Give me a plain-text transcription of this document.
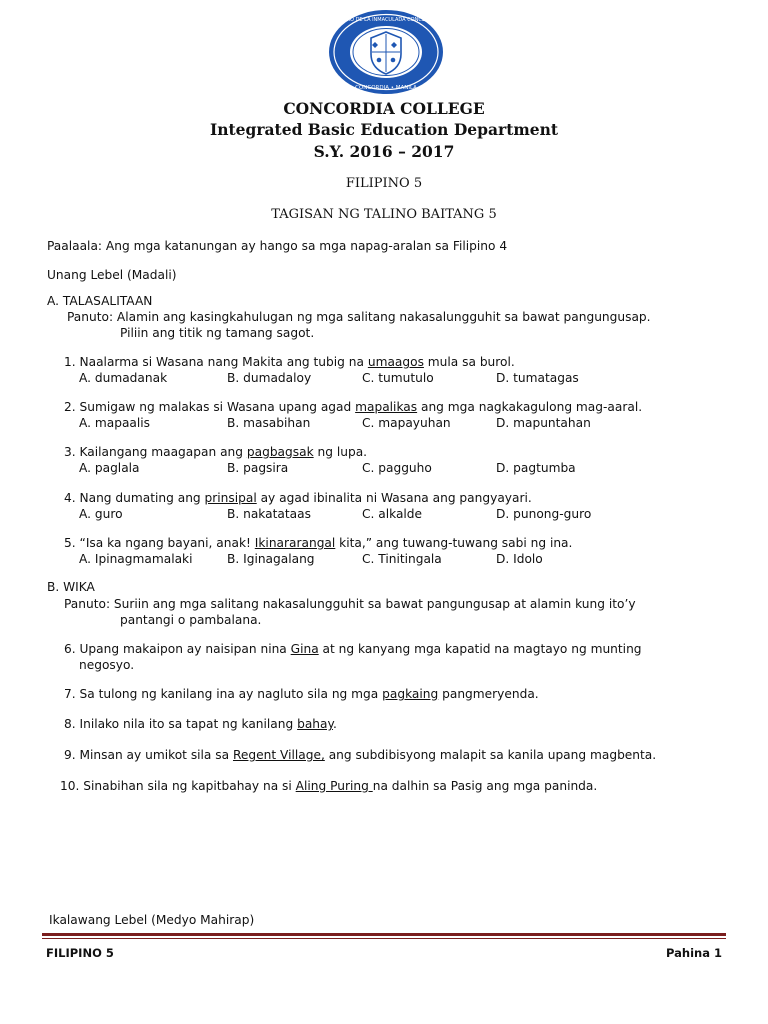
COLEGIO DE LA INMACULADA CONCEPCION
CONCORDIA • MANILA
CONCORDIA COLLEGE
Integrated Basic Education Department
S.Y. 2016 – 2017
FILIPINO 5
TAGISAN NG TALINO BAITANG 5
Paalaala: Ang mga katanungan ay hango sa mga napag-aralan sa Filipino 4
Unang Lebel (Madali)
A. TALASALITAAN
Panuto: Alamin ang kasingkahulugan ng mga salitang nakasalungguhit sa bawat pangungusap.
Piliin ang titik ng tamang sagot.
1. Naalarma si Wasana nang Makita ang tubig na umaagos mula sa burol.
A. dumadanak	B. dumadaloy	C. tumutulo	D. tumatagas
2. Sumigaw ng malakas si Wasana upang agad mapalikas ang mga nagkakagulong mag-aaral.
A. mapaalis	B. masabihan	C. mapayuhan	D. mapuntahan
3. Kailangang maagapan ang pagbagsak ng lupa.
A. paglala	B. pagsira	C. pagguho	D. pagtumba
4. Nang dumating ang prinsipal ay agad ibinalita ni Wasana ang pangyayari.
A. guro	B. nakatataas	C. alkalde	D. punong-guro
5. “Isa ka ngang bayani, anak! Ikinararangal kita,” ang tuwang-tuwang sabi ng ina.
A. Ipinagmamalaki	B. Iginagalang	C. Tinitingala	D. Idolo
B. WIKA
Panuto: Suriin ang mga salitang nakasalungguhit sa bawat pangungusap at alamin kung ito’y
pantangi o pambalana.
6. Upang makaipon ay naisipan nina Gina at ng kanyang mga kapatid na magtayo ng munting
negosyo.
7. Sa tulong ng kanilang ina ay nagluto sila ng mga pagkaing pangmeryenda.
8. Inilako nila ito sa tapat ng kanilang bahay.
9. Minsan ay umikot sila sa Regent Village, ang subdibisyong malapit sa kanila upang magbenta.
10. Sinabihan sila ng kapitbahay na si Aling Puring na dalhin sa Pasig ang mga paninda.
Ikalawang Lebel (Medyo Mahirap)
FILIPINO 5	Pahina 1
